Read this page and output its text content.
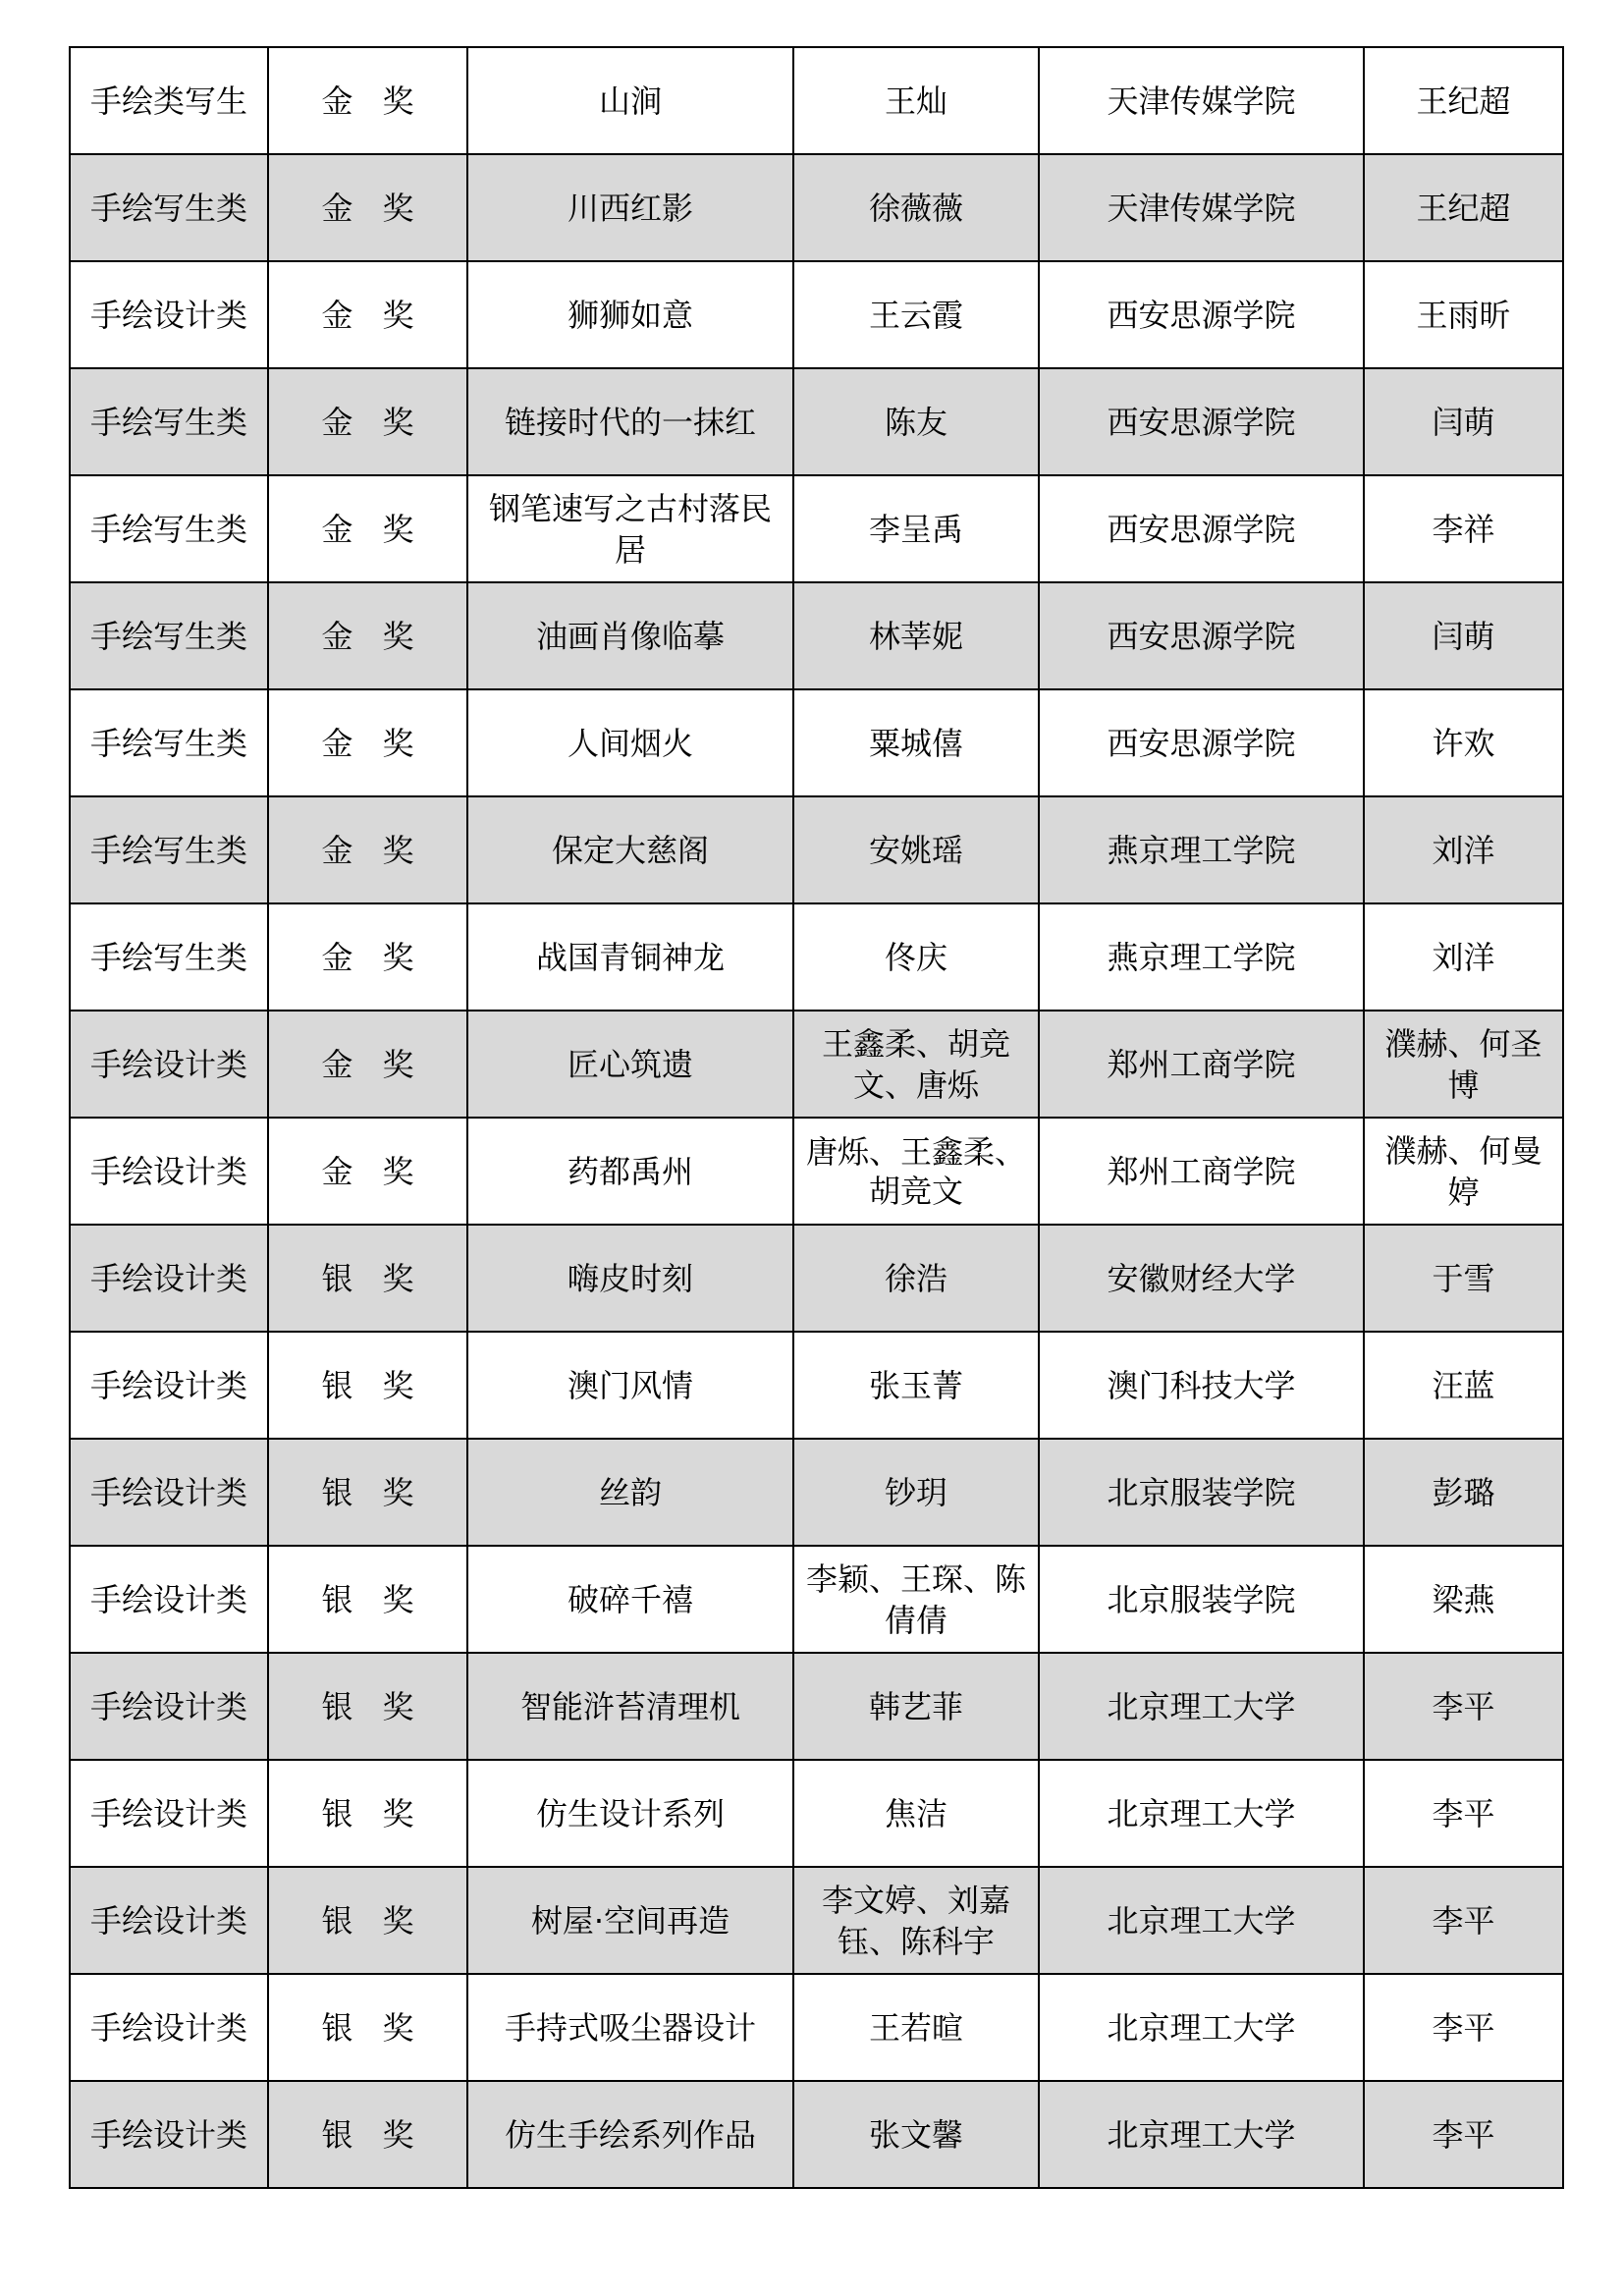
手绘类写生	金奖	山涧	王灿	天津传媒学院	王纪超
手绘写生类	金奖	川西红影	徐薇薇	天津传媒学院	王纪超
手绘设计类	金奖	狮狮如意	王云霞	西安思源学院	王雨昕
手绘写生类	金奖	链接时代的一抹红	陈友	西安思源学院	闫萌
手绘写生类	金奖	钢笔速写之古村落民居	李呈禹	西安思源学院	李祥
手绘写生类	金奖	油画肖像临摹	林莘妮	西安思源学院	闫萌
手绘写生类	金奖	人间烟火	粟城僖	西安思源学院	许欢
手绘写生类	金奖	保定大慈阁	安姚瑶	燕京理工学院	刘洋
手绘写生类	金奖	战国青铜神龙	佟庆	燕京理工学院	刘洋
手绘设计类	金奖	匠心筑遗	王鑫柔、胡竞文、唐烁	郑州工商学院	濮赫、何圣博
手绘设计类	金奖	药都禹州	唐烁、王鑫柔、胡竞文	郑州工商学院	濮赫、何曼婷
手绘设计类	银奖	嗨皮时刻	徐浩	安徽财经大学	于雪
手绘设计类	银奖	澳门风情	张玉菁	澳门科技大学	汪蓝
手绘设计类	银奖	丝韵	钞玥	北京服装学院	彭璐
手绘设计类	银奖	破碎千禧	李颖、王琛、陈倩倩	北京服装学院	梁燕
手绘设计类	银奖	智能浒苔清理机	韩艺菲	北京理工大学	李平
手绘设计类	银奖	仿生设计系列	焦洁	北京理工大学	李平
手绘设计类	银奖	树屋·空间再造	李文婷、刘嘉钰、陈科宇	北京理工大学	李平
手绘设计类	银奖	手持式吸尘器设计	王若暄	北京理工大学	李平
手绘设计类	银奖	仿生手绘系列作品	张文馨	北京理工大学	李平
